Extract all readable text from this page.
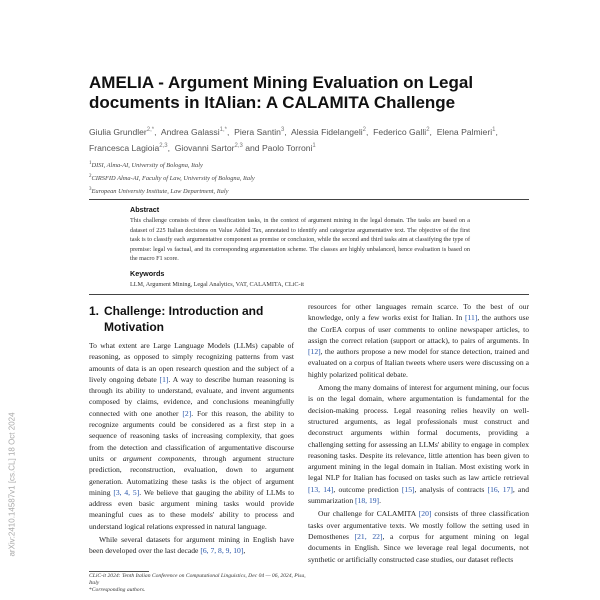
arXiv:2410.14587v1 [cs.CL] 18 Oct 2024
AMELIA - Argument Mining Evaluation on Legal documents in ItAlian: A CALAMITA Challenge
Giulia Grundler$^{2,*}$,  Andrea Galassi$^{1,*}$,  Piera Santin$^3$,  Alessia Fidelangeli$^2$,  Federico Galli$^2$,  Elena Palmieri$^1$,  Francesca Lagioia$^{2,3}$,  Giovanni Sartor$^{2,3}$ and Paolo Torroni$^1$
$^1$DISI, Alma-AI, University of Bologna, Italy
$^2$CIRSFID Alma-AI, Faculty of Law, University of Bologna, Italy
$^3$European University Institute, Law Department, Italy
Abstract

This challenge consists of three classification tasks, in the context of argument mining in the legal domain. The tasks are based on a dataset of 225 Italian decisions on Value Added Tax, annotated to identify and categorize argumentative text. The objective of the first task is to classify each argumentative component as premise or conclusion, while the second and third tasks aim at classifying the type of premise: legal vs factual, and its corresponding argumentation scheme. The classes are highly unbalanced, hence evaluation is based on the macro F1 score.

Keywords

LLM, Argument Mining, Legal Analytics, VAT, CALAMITA, CLiC-it

1. Challenge: Introduction and
Motivation

To what extent are Large Language Models (LLMs) capable of reasoning, as opposed to simply recognizing patterns from vast amounts of data is an open research question and the subject of a lively ongoing debate [1]. A way to describe human reasoning is through its ability to understand, evaluate, and invent arguments composed by claims, evidence, and conclusions meaningfully connected with one another [2]. For this reason, the ability to recognize arguments could be considered as a first step in a sequence of reasoning tasks of increasing complexity, that goes from the detection and classification of argumentative discourse units or argument components, through argument structure prediction, reconstruction, evaluation, down to argument generation. Automatizing these tasks is the object of argument mining [3, 4, 5]. We believe that gauging the ability of LLMs to address even basic argument mining tasks would provide meaningful cues as to these models' ability to process and understand logical relations expressed in natural language.

While several datasets for argument mining in English have been developed over the last decade [6, 7, 8, 9, 10],

resources for other languages remain scarce. To the best of our knowledge, only a few works exist for Italian. In [11], the authors use the CorEA corpus of user comments to online newspaper articles, to assign the correct relation (support or attack), to pairs of arguments. In [12], the authors propose a new model for stance detection, trained and evaluated on a corpus of Italian tweets where users were discussing on a highly polarized political debate.

Among the many domains of interest for argument mining, our focus is on the legal domain, where argumentation is fundamental for the decision-making process. Legal reasoning relies heavily on well-structured arguments, as legal professionals must construct and deconstruct arguments within formal documents, providing a challenging setting for assessing an LLMs' ability to engage in complex reasoning tasks. Despite its relevance, little attention has been given to argument mining in the legal domain in Italian. Most existing work in legal NLP for Italian has focused on tasks such as law article retrieval [13, 14], outcome prediction [15], analysis of contracts [16, 17], and summarization [18, 19].

Our challenge for CALAMITA [20] consists of three classification tasks over argumentative texts. We mostly follow the setting used in Demosthenes [21, 22], a corpus for argument mining on legal documents in English. Since we leverage real legal documents, not synthetic or artificially constructed case studies, our dataset reflects

CLiC-it 2024: Tenth Italian Conference on Computational Linguistics, Dec 04 — 06, 2024, Pisa, Italy
*Corresponding authors.
